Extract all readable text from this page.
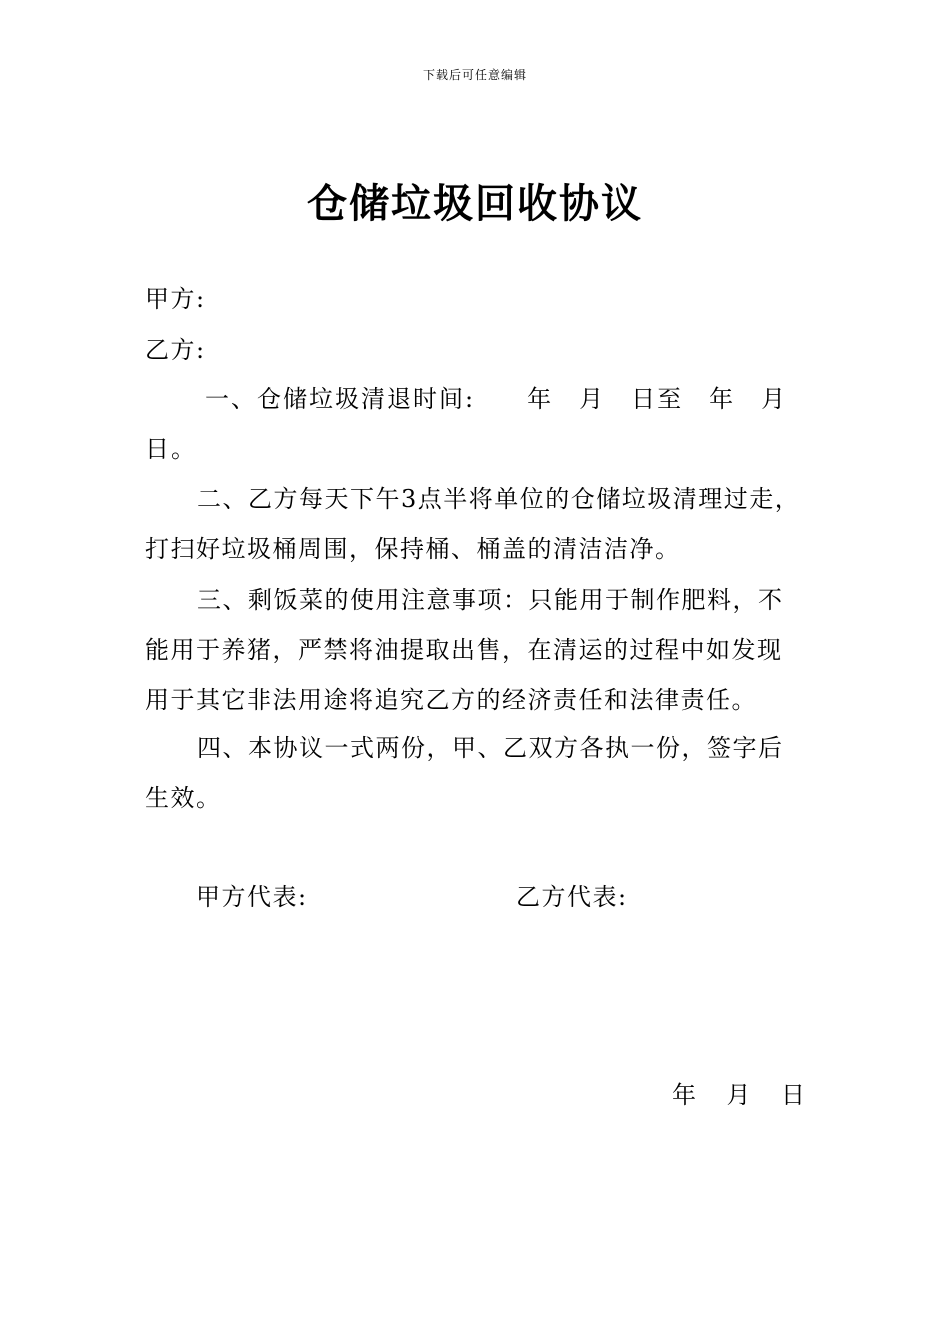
下载后可任意编辑
仓储垃圾回收协议
甲方:
乙方:
一、仓储垃圾清退时间:　　年　月　日至　年　月日。
二、乙方每天下午3点半将单位的仓储垃圾清理过走，打扫好垃圾桶周围，保持桶、桶盖的清洁洁净。
三、剩饭菜的使用注意事项：只能用于制作肥料，不能用于养猪，严禁将油提取出售，在清运的过程中如发现用于其它非法用途将追究乙方的经济责任和法律责任。
四、本协议一式两份，甲、乙双方各执一份，签字后生效。
甲方代表:	乙方代表:
年    月    日
